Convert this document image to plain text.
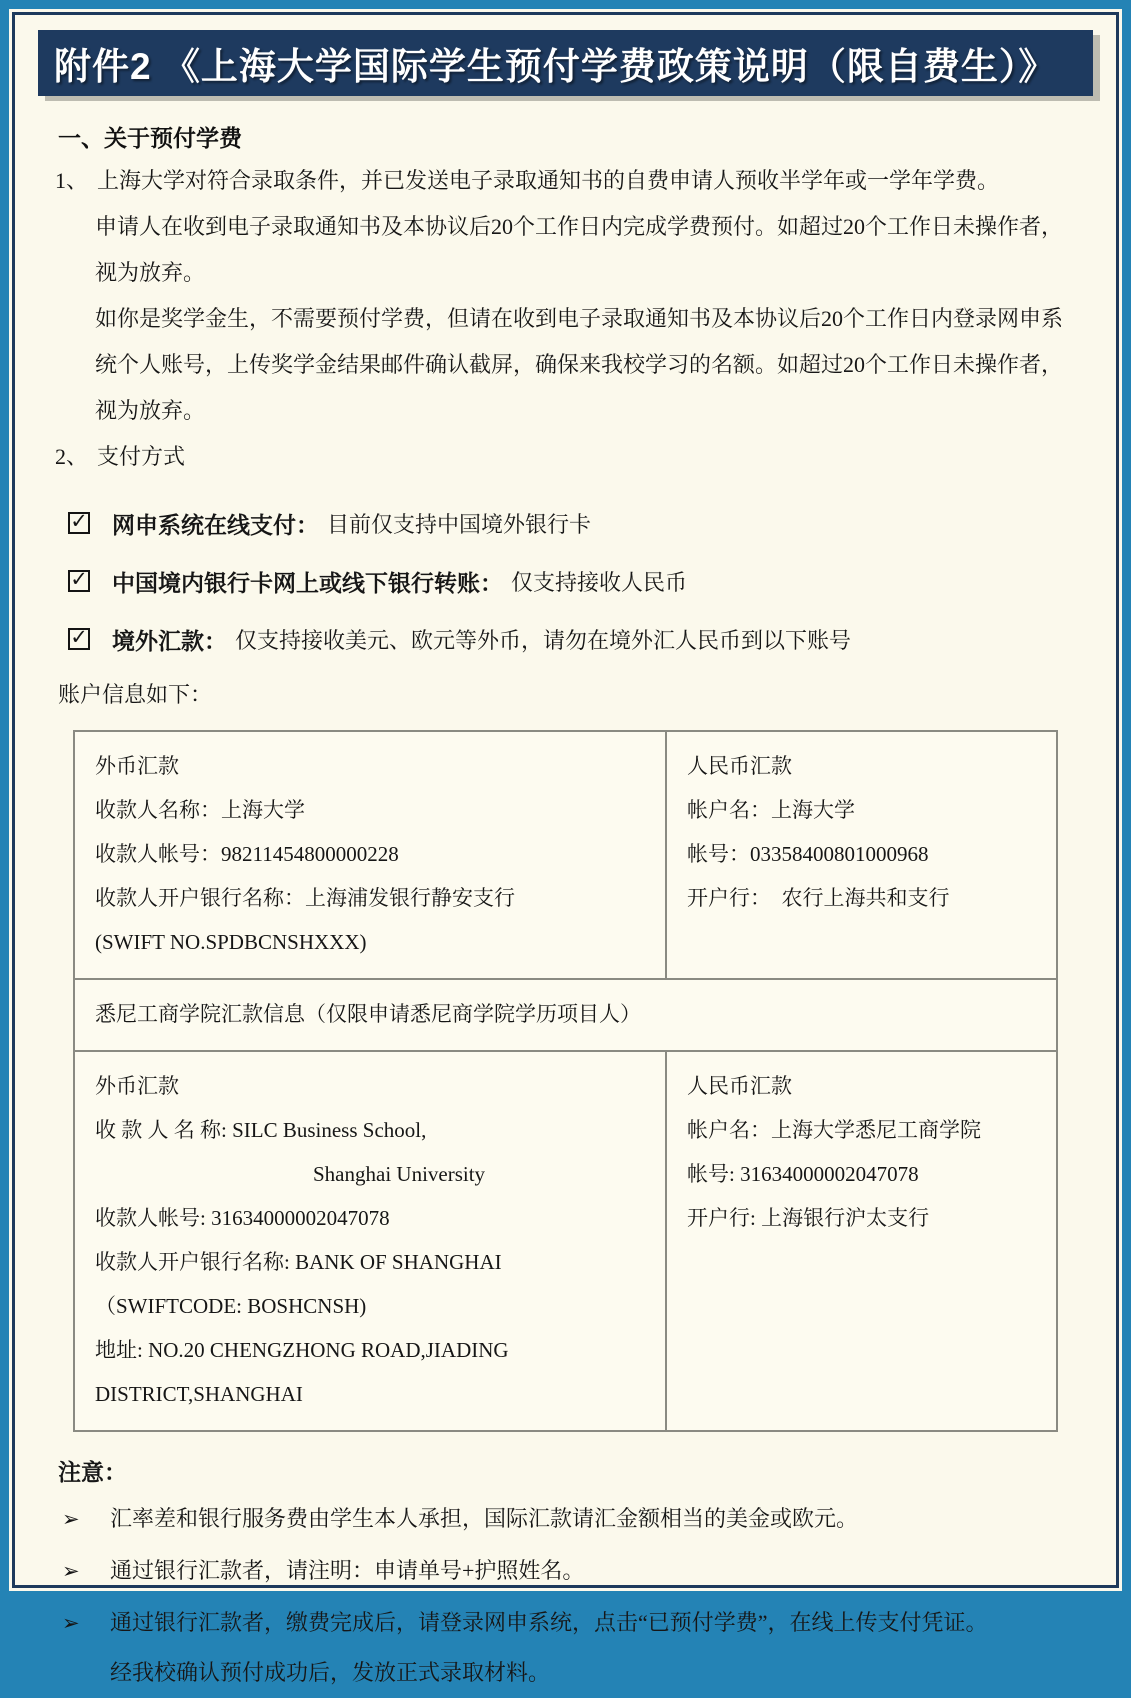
附件2 《上海大学国际学生预付学费政策说明（限自费生）》
一、关于预付学费
1、 上海大学对符合录取条件，并已发送电子录取通知书的自费申请人预收半学年或一学年学费。
申请人在收到电子录取通知书及本协议后20个工作日内完成学费预付。如超过20个工作日未操作者，
视为放弃。
如你是奖学金生，不需要预付学费，但请在收到电子录取通知书及本协议后20个工作日内登录网申系
统个人账号，上传奖学金结果邮件确认截屏，确保来我校学习的名额。如超过20个工作日未操作者，
视为放弃。
2、 支付方式
✓ 网申系统在线支付： 目前仅支持中国境外银行卡
✓ 中国境内银行卡网上或线下银行转账： 仅支持接收人民币
✓ 境外汇款： 仅支持接收美元、欧元等外币，请勿在境外汇人民币到以下账号
账户信息如下：
外币汇款
收款人名称：上海大学
收款人帐号：98211454800000228
收款人开户银行名称：上海浦发银行静安支行
(SWIFT NO.SPDBCNSHXXX)

人民币汇款
帐户名：上海大学
帐号：03358400801000968
开户行：　农行上海共和支行

悉尼工商学院汇款信息（仅限申请悉尼商学院学历项目人）	

外币汇款
收 款 人 名 称: SILC Business School,
Shanghai University
收款人帐号: 31634000002047078
收款人开户银行名称: BANK OF SHANGHAI
（SWIFTCODE: BOSHCNSH)
地址: NO.20 CHENGZHONG ROAD,JIADING
DISTRICT,SHANGHAI

人民币汇款
帐户名：上海大学悉尼工商学院
帐号: 31634000002047078
开户行: 上海银行沪太支行
注意：
➢	汇率差和银行服务费由学生本人承担，国际汇款请汇金额相当的美金或欧元。
➢	通过银行汇款者，请注明：申请单号+护照姓名。
➢	通过银行汇款者，缴费完成后，请登录网申系统，点击“已预付学费”，在线上传支付凭证。
经我校确认预付成功后，发放正式录取材料。
